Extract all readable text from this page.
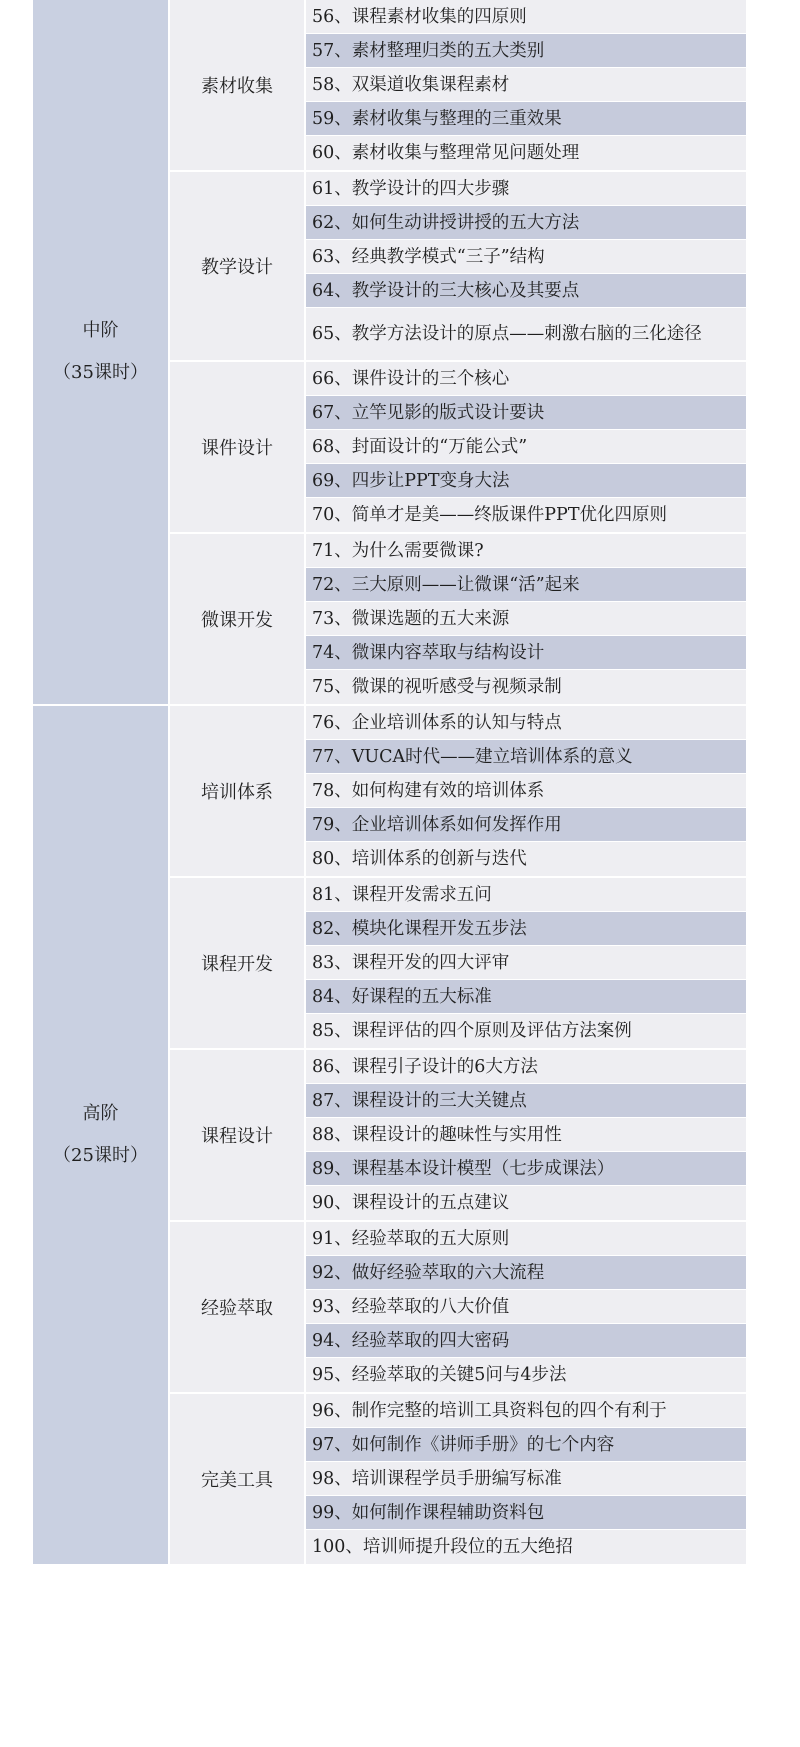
中阶
（35课时）
素材收集
56、课程素材收集的四原则
57、素材整理归类的五大类别
58、双渠道收集课程素材
59、素材收集与整理的三重效果
60、素材收集与整理常见问题处理
教学设计
61、教学设计的四大步骤
62、如何生动讲授讲授的五大方法
63、经典教学模式“三子”结构
64、教学设计的三大核心及其要点
65、教学方法设计的原点——刺激右脑的三化途径
课件设计
66、课件设计的三个核心
67、立竿见影的版式设计要诀
68、封面设计的“万能公式”
69、四步让PPT变身大法
70、简单才是美——终版课件PPT优化四原则
微课开发
71、为什么需要微课?
72、三大原则——让微课“活”起来
73、微课选题的五大来源
74、微课内容萃取与结构设计
75、微课的视听感受与视频录制
高阶
（25课时）
培训体系
76、企业培训体系的认知与特点
77、VUCA时代——建立培训体系的意义
78、如何构建有效的培训体系
79、企业培训体系如何发挥作用
80、培训体系的创新与迭代
课程开发
81、课程开发需求五问
82、模块化课程开发五步法
83、课程开发的四大评审
84、好课程的五大标准
85、课程评估的四个原则及评估方法案例
课程设计
86、课程引子设计的6大方法
87、课程设计的三大关键点
88、课程设计的趣味性与实用性
89、课程基本设计模型（七步成课法）
90、课程设计的五点建议
经验萃取
91、经验萃取的五大原则
92、做好经验萃取的六大流程
93、经验萃取的八大价值
94、经验萃取的四大密码
95、经验萃取的关键5问与4步法
完美工具
96、制作完整的培训工具资料包的四个有利于
97、如何制作《讲师手册》的七个内容
98、培训课程学员手册编写标准
99、如何制作课程辅助资料包
100、培训师提升段位的五大绝招
